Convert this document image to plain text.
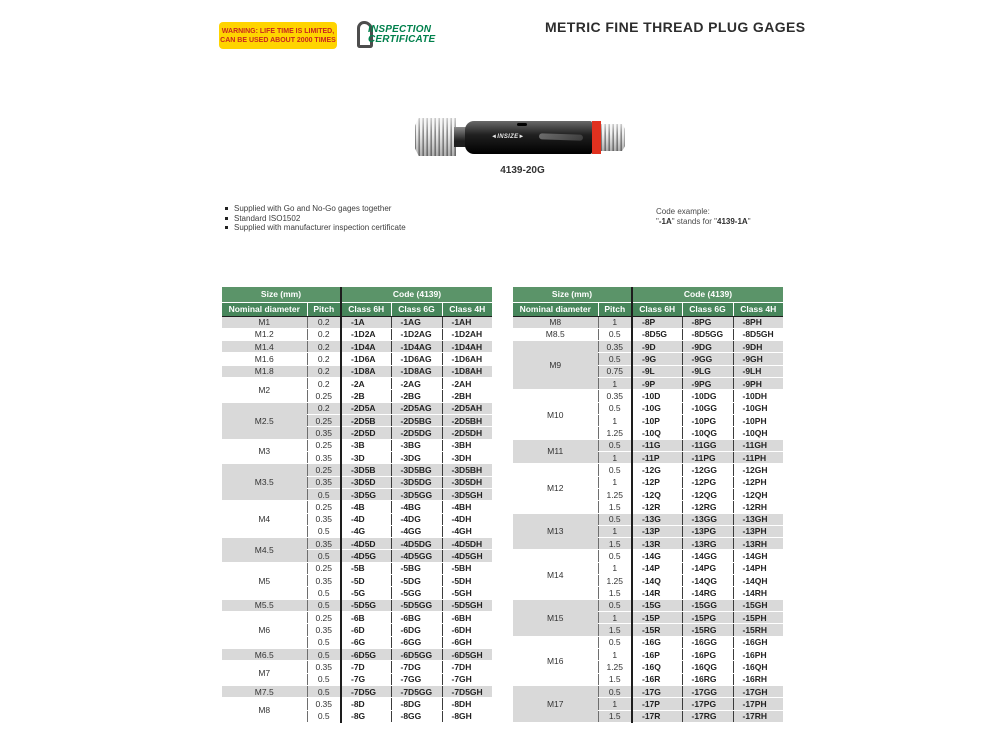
WARNING: LIFE TIME IS LIMITED,
CAN BE USED ABOUT 2000 TIMES
INSPECTION
CERTIFICATE
METRIC FINE THREAD PLUG GAGES
◄INSIZE►
4139-20G
Supplied with Go and No-Go gages together
Standard ISO1502
Supplied with manufacturer inspection certificate
Code example:
"-1A" stands for "4139-1A"
Size (mm)		Code (4139)		
Nominal diameter	Pitch	Class 6H	Class 6G	Class 4H
M1	0.2	-1A	-1AG	-1AH
M1.2	0.2	-1D2A	-1D2AG	-1D2AH
M1.4	0.2	-1D4A	-1D4AG	-1D4AH
M1.6	0.2	-1D6A	-1D6AG	-1D6AH
M1.8	0.2	-1D8A	-1D8AG	-1D8AH
M2	0.2	-2A	-2AG	-2AH
	0.25	-2B	-2BG	-2BH
M2.5	0.2	-2D5A	-2D5AG	-2D5AH
	0.25	-2D5B	-2D5BG	-2D5BH
	0.35	-2D5D	-2D5DG	-2D5DH
M3	0.25	-3B	-3BG	-3BH
	0.35	-3D	-3DG	-3DH
M3.5	0.25	-3D5B	-3D5BG	-3D5BH
	0.35	-3D5D	-3D5DG	-3D5DH
	0.5	-3D5G	-3D5GG	-3D5GH
M4	0.25	-4B	-4BG	-4BH
	0.35	-4D	-4DG	-4DH
	0.5	-4G	-4GG	-4GH
M4.5	0.35	-4D5D	-4D5DG	-4D5DH
	0.5	-4D5G	-4D5GG	-4D5GH
M5	0.25	-5B	-5BG	-5BH
	0.35	-5D	-5DG	-5DH
	0.5	-5G	-5GG	-5GH
M5.5	0.5	-5D5G	-5D5GG	-5D5GH
M6	0.25	-6B	-6BG	-6BH
	0.35	-6D	-6DG	-6DH
	0.5	-6G	-6GG	-6GH
M6.5	0.5	-6D5G	-6D5GG	-6D5GH
M7	0.35	-7D	-7DG	-7DH
	0.5	-7G	-7GG	-7GH
M7.5	0.5	-7D5G	-7D5GG	-7D5GH
M8	0.35	-8D	-8DG	-8DH
	0.5	-8G	-8GG	-8GH
Size (mm)		Code (4139)		
Nominal diameter	Pitch	Class 6H	Class 6G	Class 4H
M8	1	-8P	-8PG	-8PH
M8.5	0.5	-8D5G	-8D5GG	-8D5GH
M9	0.35	-9D	-9DG	-9DH
	0.5	-9G	-9GG	-9GH
	0.75	-9L	-9LG	-9LH
	1	-9P	-9PG	-9PH
M10	0.35	-10D	-10DG	-10DH
	0.5	-10G	-10GG	-10GH
	1	-10P	-10PG	-10PH
	1.25	-10Q	-10QG	-10QH
M11	0.5	-11G	-11GG	-11GH
	1	-11P	-11PG	-11PH
M12	0.5	-12G	-12GG	-12GH
	1	-12P	-12PG	-12PH
	1.25	-12Q	-12QG	-12QH
	1.5	-12R	-12RG	-12RH
M13	0.5	-13G	-13GG	-13GH
	1	-13P	-13PG	-13PH
	1.5	-13R	-13RG	-13RH
M14	0.5	-14G	-14GG	-14GH
	1	-14P	-14PG	-14PH
	1.25	-14Q	-14QG	-14QH
	1.5	-14R	-14RG	-14RH
M15	0.5	-15G	-15GG	-15GH
	1	-15P	-15PG	-15PH
	1.5	-15R	-15RG	-15RH
M16	0.5	-16G	-16GG	-16GH
	1	-16P	-16PG	-16PH
	1.25	-16Q	-16QG	-16QH
	1.5	-16R	-16RG	-16RH
M17	0.5	-17G	-17GG	-17GH
	1	-17P	-17PG	-17PH
	1.5	-17R	-17RG	-17RH
